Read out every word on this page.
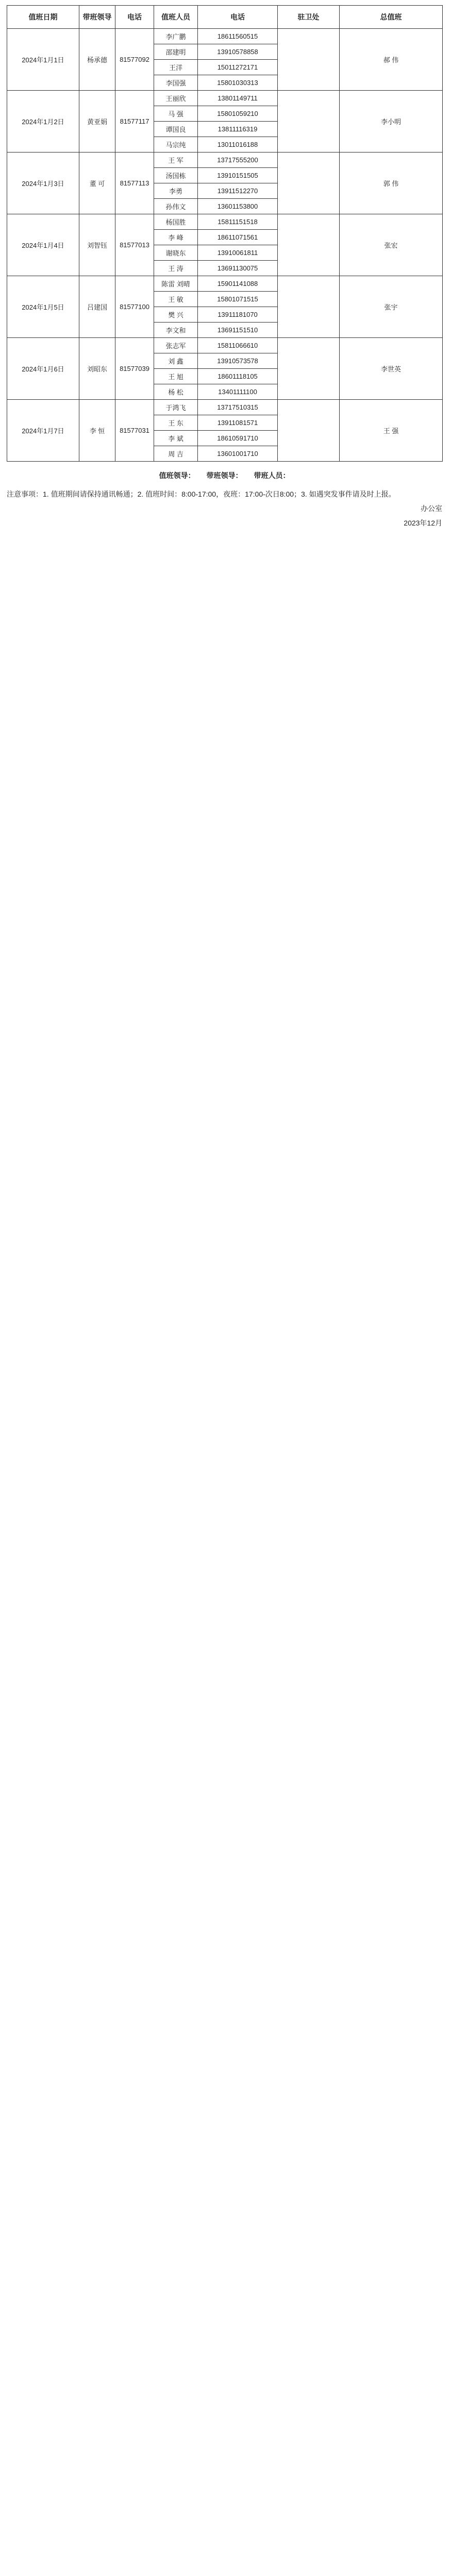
值班日期	带班领导	电话	值班人员	电话	驻卫处	总值班
2024年1月1日	杨承德	81577092	李广鹏	18611560515		郝 伟
			邵建明	13910578858		
			王洋	15011272171		
			李国强	15801030313		
2024年1月2日	黄亚娟	81577117	王丽欣	13801149711		李小明
			马 强	15801059210		
			谭国良	13811116319		
			马宗纯	13011016188		
2024年1月3日	董 可	81577113	王 军	13717555200		郭 伟
			汤国栋	13910151505		
			李勇	13911512270		
			孙伟文	13601153800		
2024年1月4日	刘智钰	81577013	杨国胜	15811151518		张宏
			李 峰	18611071561		
			谢晓东	13910061811		
			王 涛	13691130075		
2024年1月5日	吕建国	81577100	陈雷 刘晴	15901141088		张宇
			王 敏	15801071515		
			樊 兴	13911181070		
			李文和	13691151510		
2024年1月6日	刘昭东	81577039	张志军	15811066610		李世英
			刘 鑫	13910573578		
			王 旭	18601118105		
			杨 松	13401111100		
2024年1月7日	李 恒	81577031	于鸿飞	13717510315		王 强
			王 东	13911081571		
			李 斌	18610591710		
			周 吉	13601001710		
值班领导： 带班领导： 带班人员：
注意事项：1. 值班期间请保持通讯畅通；2. 值班时间：8:00-17:00，夜班：17:00-次日8:00；3. 如遇突发事件请及时上报。
办公室
2023年12月
